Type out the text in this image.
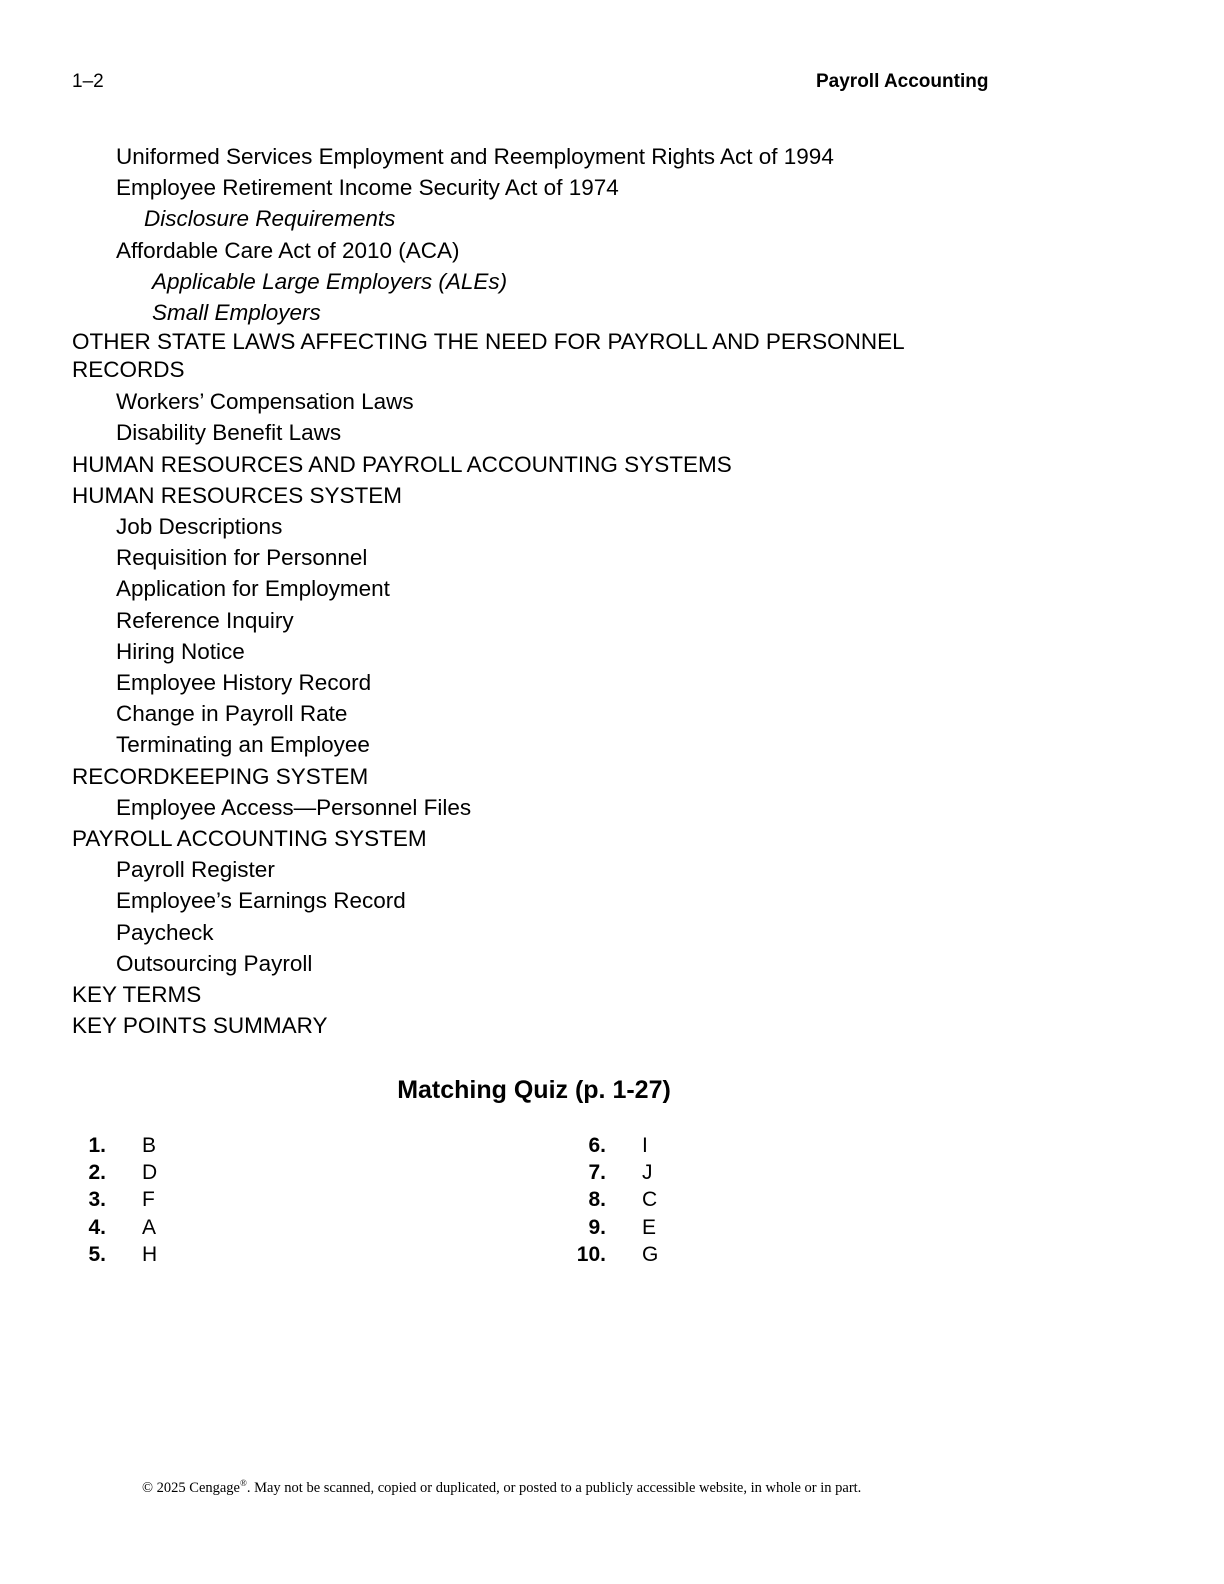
1–2	Payroll Accounting
Uniformed Services Employment and Reemployment Rights Act of 1994
Employee Retirement Income Security Act of 1974
Disclosure Requirements
Affordable Care Act of 2010 (ACA)
Applicable Large Employers (ALEs)
Small Employers
OTHER STATE LAWS AFFECTING THE NEED FOR PAYROLL AND PERSONNEL RECORDS
Workers’ Compensation Laws
Disability Benefit Laws
HUMAN RESOURCES AND PAYROLL ACCOUNTING SYSTEMS
HUMAN RESOURCES SYSTEM
Job Descriptions
Requisition for Personnel
Application for Employment
Reference Inquiry
Hiring Notice
Employee History Record
Change in Payroll Rate
Terminating an Employee
RECORDKEEPING SYSTEM
Employee Access—Personnel Files
PAYROLL ACCOUNTING SYSTEM
Payroll Register
Employee’s Earnings Record
Paycheck
Outsourcing Payroll
KEY TERMS
KEY POINTS SUMMARY
Matching Quiz (p. 1-27)
1.	B
2.	D
3.	F
4.	A
5.	H
6.	I
7.	J
8.	C
9.	E
10.	G
© 2025 Cengage®. May not be scanned, copied or duplicated, or posted to a publicly accessible website, in whole or in part.
